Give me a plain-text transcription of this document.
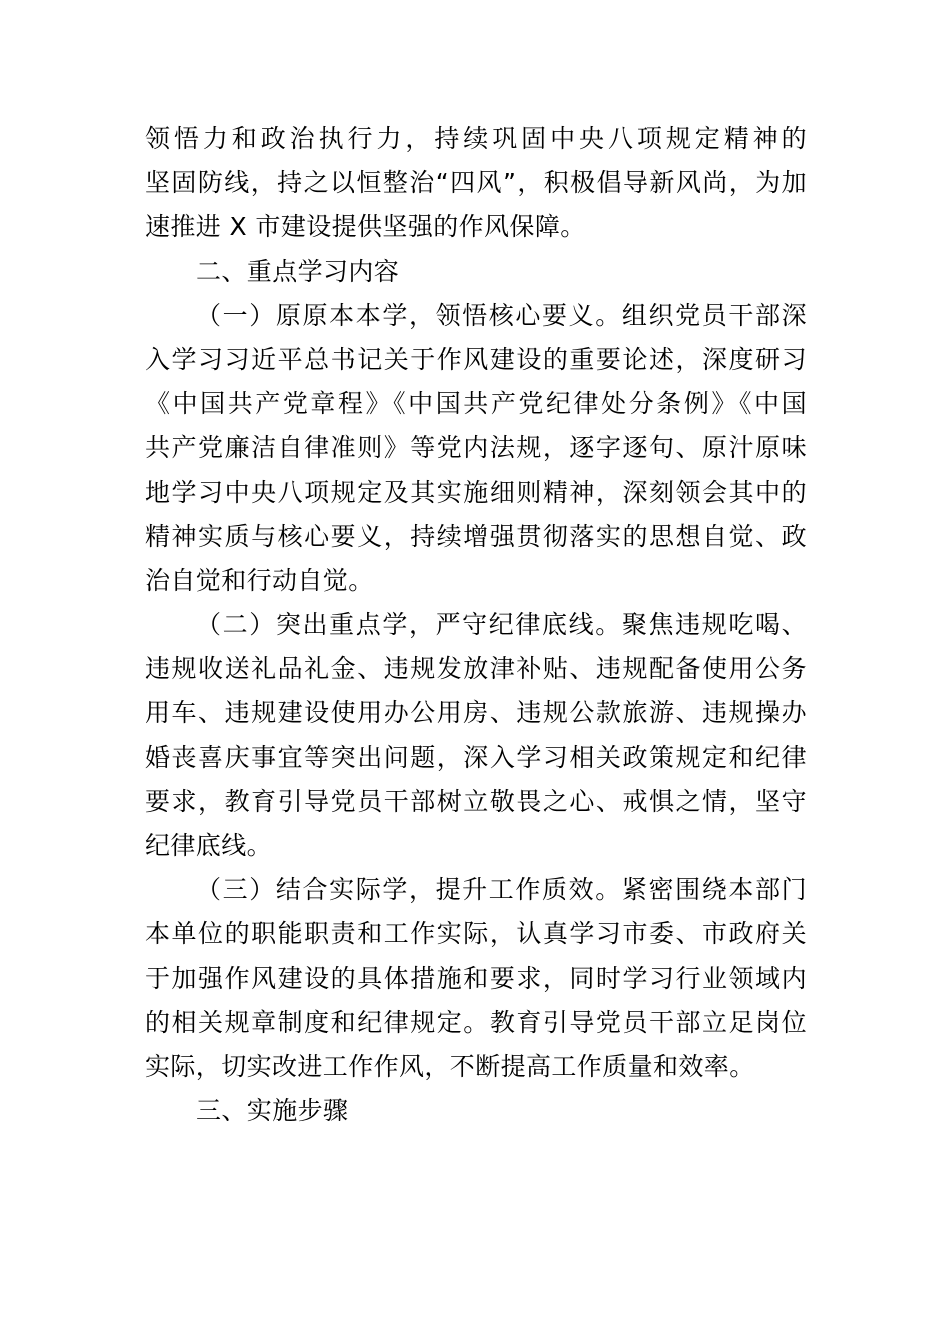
领悟力和政治执行力，持续巩固中央八项规定精神的
坚固防线，持之以恒整治“四风”，积极倡导新风尚，为加
速推进 X 市建设提供坚强的作风保障。
二、重点学习内容
（一）原原本本学，领悟核心要义。组织党员干部深
入学习习近平总书记关于作风建设的重要论述，深度研习
《中国共产党章程》《中国共产党纪律处分条例》《中国
共产党廉洁自律准则》等党内法规，逐字逐句、原汁原味
地学习中央八项规定及其实施细则精神，深刻领会其中的
精神实质与核心要义，持续增强贯彻落实的思想自觉、政
治自觉和行动自觉。
（二）突出重点学，严守纪律底线。聚焦违规吃喝、
违规收送礼品礼金、违规发放津补贴、违规配备使用公务
用车、违规建设使用办公用房、违规公款旅游、违规操办
婚丧喜庆事宜等突出问题，深入学习相关政策规定和纪律
要求，教育引导党员干部树立敬畏之心、戒惧之情，坚守
纪律底线。
（三）结合实际学，提升工作质效。紧密围绕本部门
本单位的职能职责和工作实际，认真学习市委、市政府关
于加强作风建设的具体措施和要求，同时学习行业领域内
的相关规章制度和纪律规定。教育引导党员干部立足岗位
实际，切实改进工作作风，不断提高工作质量和效率。
三、实施步骤
